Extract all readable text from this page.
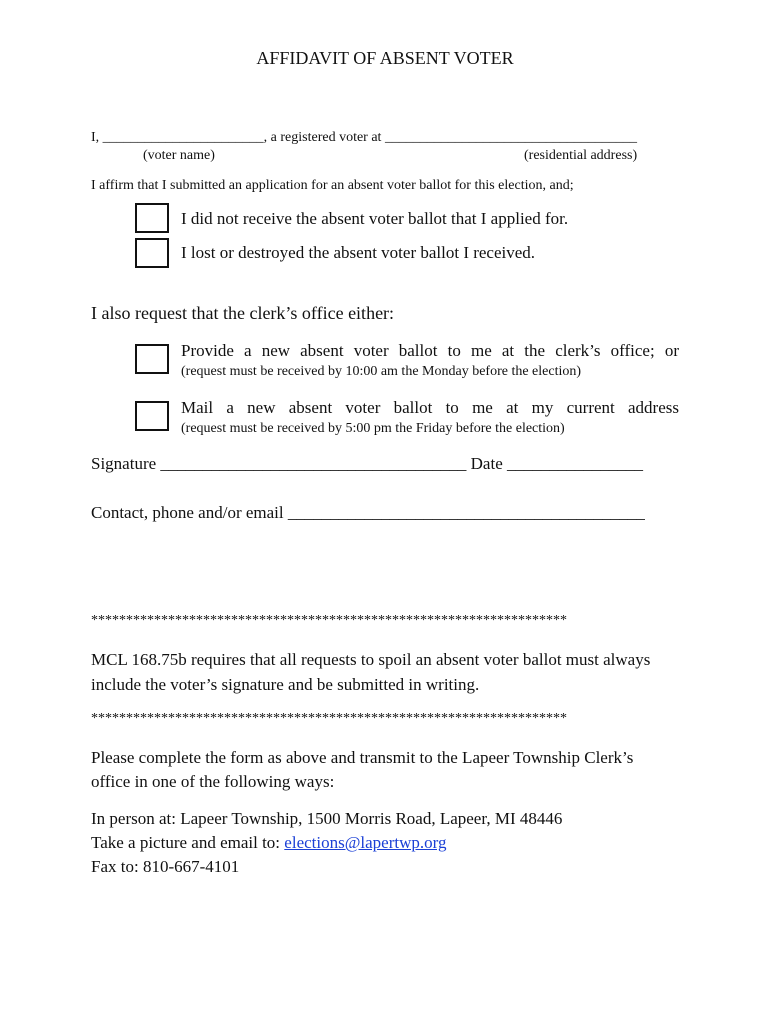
AFFIDAVIT OF ABSENT VOTER
I, _______________________, a registered voter at ____________________________________
(voter name)	(residential address)
I affirm that I submitted an application for an absent voter ballot for this election, and;
I did not receive the absent voter ballot that I applied for.
I lost or destroyed the absent voter ballot I received.
I also request that the clerk’s office either:
Provide a new absent voter ballot to me at the clerk’s office; or
(request must be received by 10:00 am the Monday before the election)
Mail a new absent voter ballot to me at my current address
(request must be received by 5:00 pm the Friday before the election)
Signature ____________________________________ Date ________________
Contact, phone and/or email __________________________________________
********************************************************************
MCL 168.75b requires that all requests to spoil an absent voter ballot must always
include the voter’s signature and be submitted in writing.
********************************************************************
Please complete the form as above and transmit to the Lapeer Township Clerk’s
office in one of the following ways:
In person at: Lapeer Township, 1500 Morris Road, Lapeer, MI 48446
Take a picture and email to: elections@lapertwp.org
Fax to: 810-667-4101
